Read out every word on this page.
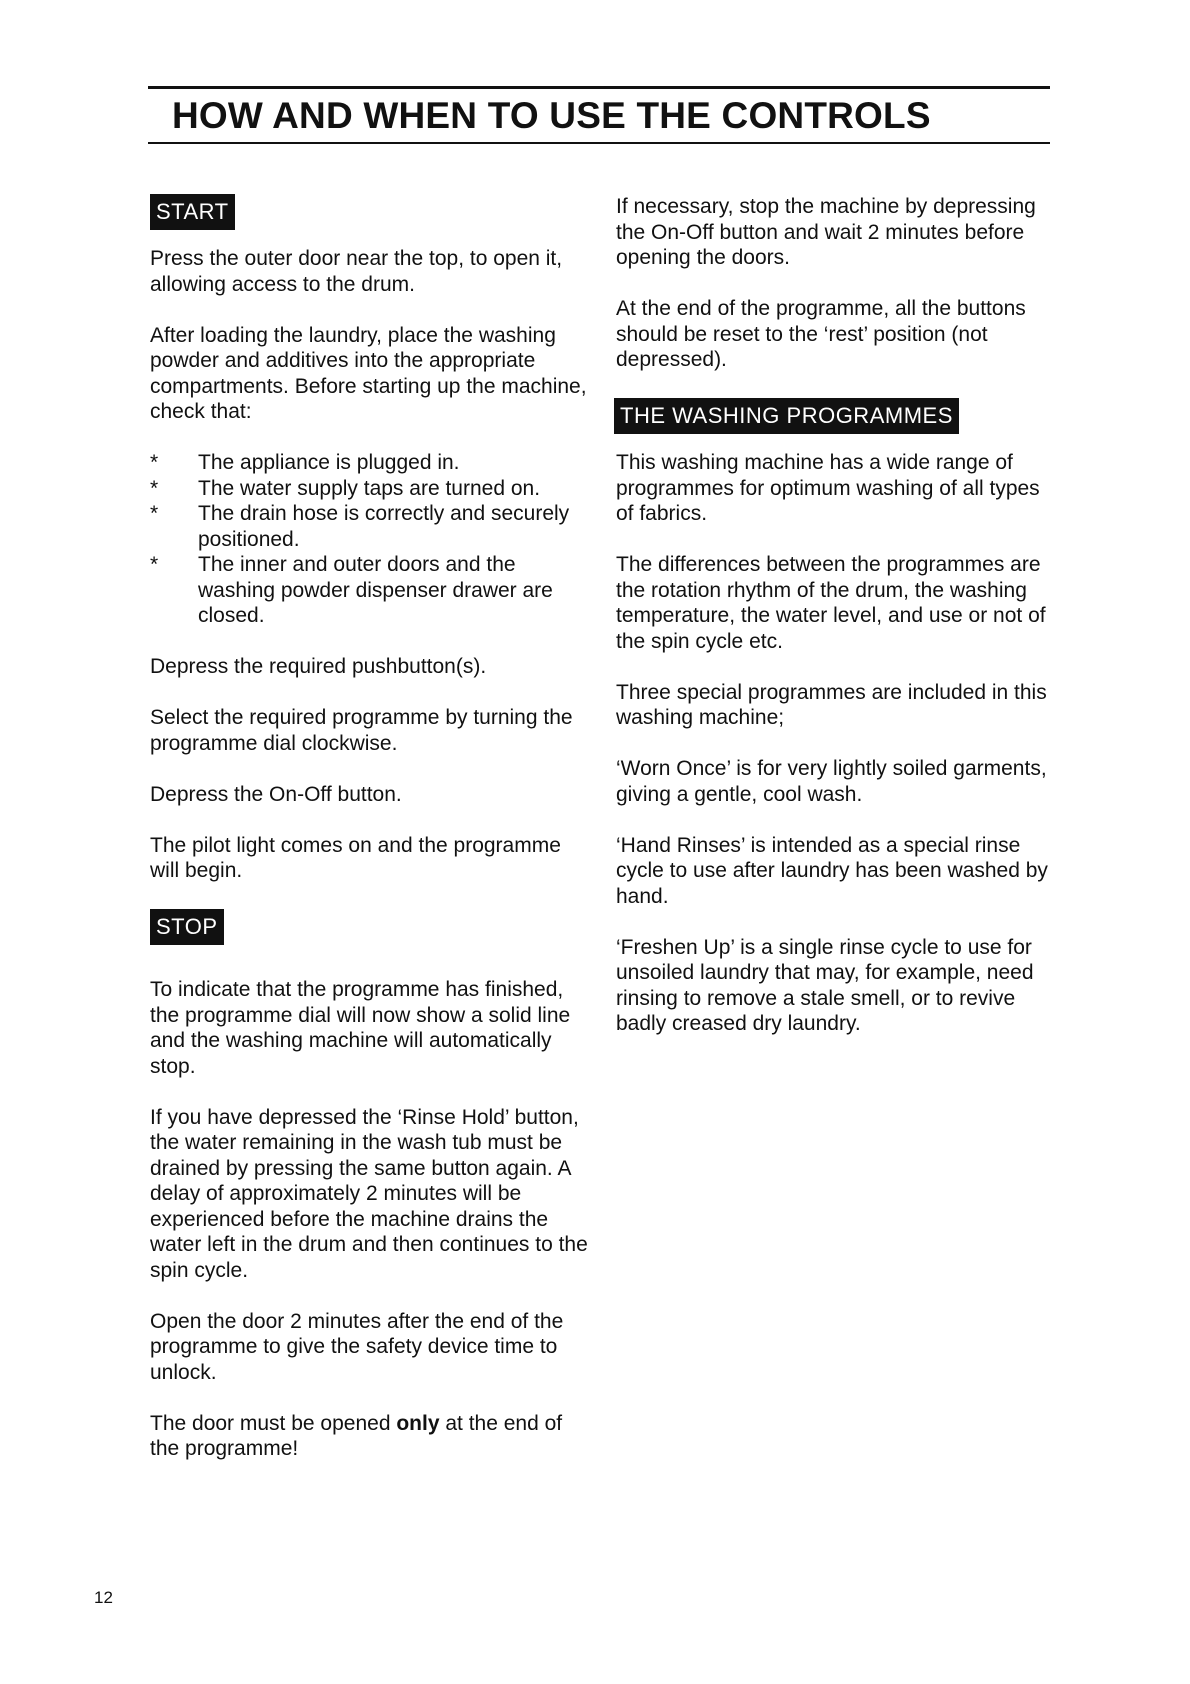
HOW AND WHEN TO USE THE CONTROLS
START

Press the outer door near the top, to open it, allowing access to the drum.

After loading the laundry, place the washing powder and additives into the appropriate compartments. Before starting up the machine, check that:

*	The appliance is plugged in.
*	The water supply taps are turned on.
*	The drain hose is correctly and securely positioned.
*	The inner and outer doors and the washing powder dispenser drawer are closed.

Depress the required pushbutton(s).

Select the required programme by turning the programme dial clockwise.

Depress the On-Off button.

The pilot light comes on and the programme will begin.

STOP

To indicate that the programme has finished, the programme dial will now show a solid line and the washing machine will automatically stop.

If you have depressed the ‘Rinse Hold’ button, the water remaining in the wash tub must be drained by pressing the same button again. A delay of approximately 2 minutes will be experienced before the machine drains the water left in the drum and then continues to the spin cycle.

Open the door 2 minutes after the end of the programme to give the safety device time to unlock.

The door must be opened only at the end of the programme!

If necessary, stop the machine by depressing the On-Off button and wait 2 minutes before opening the doors.

At the end of the programme, all the buttons should be reset to the ‘rest’ position (not depressed).

THE WASHING PROGRAMMES

This washing machine has a wide range of programmes for optimum washing of all types of fabrics.

The differences between the programmes are the rotation rhythm of the drum, the washing temperature, the water level, and use or not of the spin cycle etc.

Three special programmes are included in this washing machine;

‘Worn Once’ is for very lightly soiled garments, giving a gentle, cool wash.

‘Hand Rinses’ is intended as a special rinse cycle to use after laundry has been washed by hand.

‘Freshen Up’ is a single rinse cycle to use for unsoiled laundry that may, for example, need rinsing to remove a stale smell, or to revive badly creased dry laundry.

12
